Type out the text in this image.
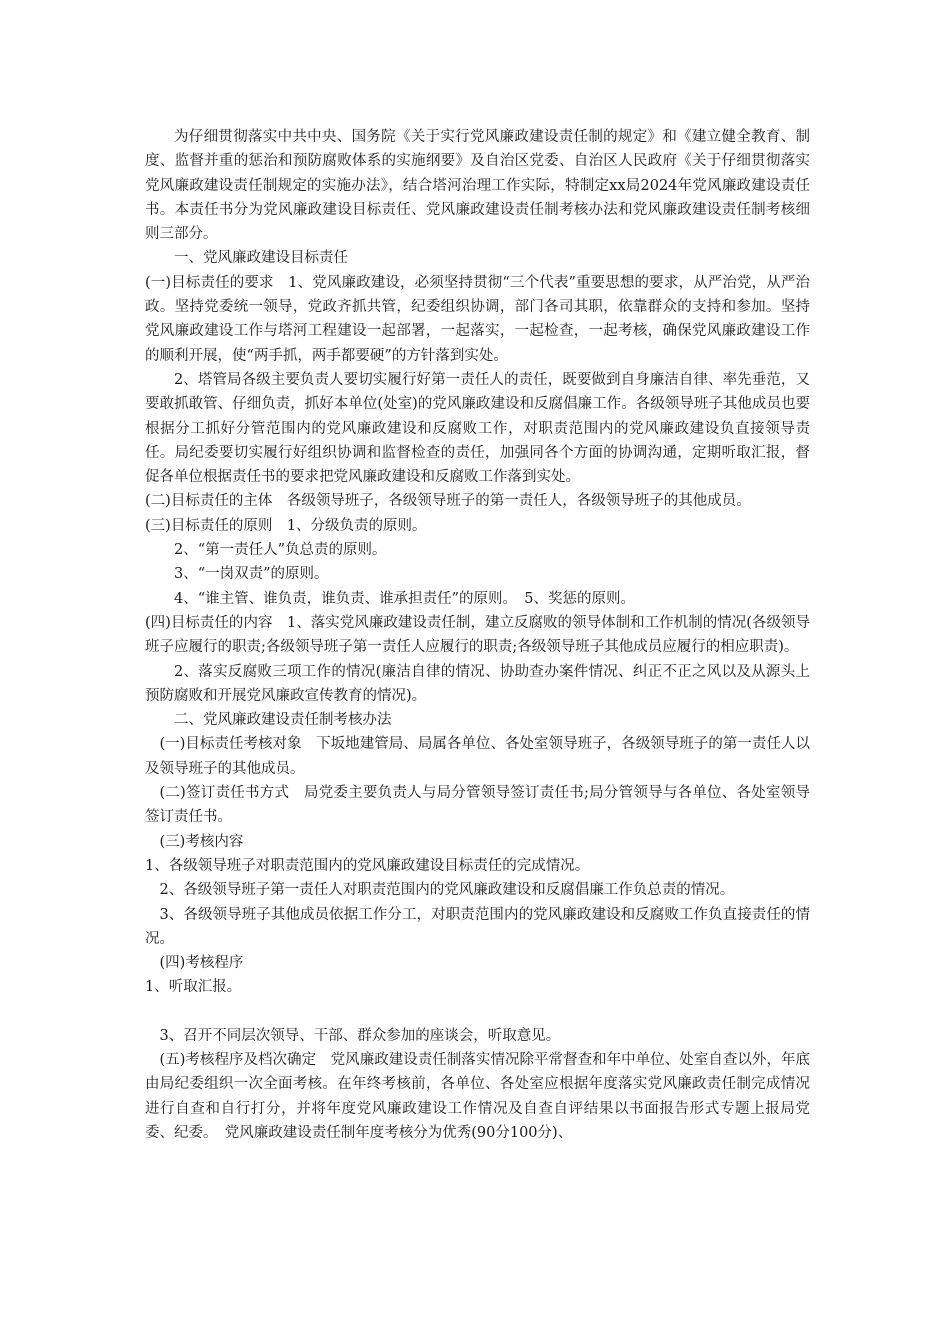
为仔细贯彻落实中共中央、国务院《关于实行党风廉政建设责任制的规定》和《建立健全教育、制度、监督并重的惩治和预防腐败体系的实施纲要》及自治区党委、自治区人民政府《关于仔细贯彻落实党风廉政建设责任制规定的实施办法》，结合塔河治理工作实际，特制定xx局2024年党风廉政建设责任书。本责任书分为党风廉政建设目标责任、党风廉政建设责任制考核办法和党风廉政建设责任制考核细则三部分。

一、党风廉政建设目标责任

(一)目标责任的要求　1、党风廉政建设，必须坚持贯彻“三个代表”重要思想的要求，从严治党，从严治政。坚持党委统一领导，党政齐抓共管，纪委组织协调，部门各司其职，依靠群众的支持和参加。坚持党风廉政建设工作与塔河工程建设一起部署，一起落实，一起检查，一起考核，确保党风廉政建设工作的顺利开展，使“两手抓，两手都要硬”的方针落到实处。

2、塔管局各级主要负责人要切实履行好第一责任人的责任，既要做到自身廉洁自律、率先垂范，又要敢抓敢管、仔细负责，抓好本单位(处室)的党风廉政建设和反腐倡廉工作。各级领导班子其他成员也要根据分工抓好分管范围内的党风廉政建设和反腐败工作，对职责范围内的党风廉政建设负直接领导责任。局纪委要切实履行好组织协调和监督检查的责任，加强同各个方面的协调沟通，定期听取汇报，督促各单位根据责任书的要求把党风廉政建设和反腐败工作落到实处。

(二)目标责任的主体　各级领导班子，各级领导班子的第一责任人，各级领导班子的其他成员。

(三)目标责任的原则　1、分级负责的原则。

2、“第一责任人”负总责的原则。

3、“一岗双责”的原则。

4、“谁主管、谁负责，谁负责、谁承担责任”的原则。　5、奖惩的原则。

(四)目标责任的内容　1、落实党风廉政建设责任制，建立反腐败的领导体制和工作机制的情况(各级领导班子应履行的职责;各级领导班子第一责任人应履行的职责;各级领导班子其他成员应履行的相应职责)。

2、落实反腐败三项工作的情况(廉洁自律的情况、协助查办案件情况、纠正不正之风以及从源头上预防腐败和开展党风廉政宣传教育的情况)。

二、党风廉政建设责任制考核办法

(一)目标责任考核对象　下坂地建管局、局属各单位、各处室领导班子，各级领导班子的第一责任人以及领导班子的其他成员。

(二)签订责任书方式　局党委主要负责人与局分管领导签订责任书;局分管领导与各单位、各处室领导签订责任书。

(三)考核内容

1、各级领导班子对职责范围内的党风廉政建设目标责任的完成情况。

2、各级领导班子第一责任人对职责范围内的党风廉政建设和反腐倡廉工作负总责的情况。

3、各级领导班子其他成员依据工作分工，对职责范围内的党风廉政建设和反腐败工作负直接责任的情况。

(四)考核程序

1、听取汇报。

3、召开不同层次领导、干部、群众参加的座谈会，听取意见。

(五)考核程序及档次确定　党风廉政建设责任制落实情况除平常督查和年中单位、处室自查以外，年底由局纪委组织一次全面考核。在年终考核前，各单位、各处室应根据年度落实党风廉政责任制完成情况进行自查和自行打分，并将年度党风廉政建设工作情况及自查自评结果以书面报告形式专题上报局党委、纪委。　党风廉政建设责任制年度考核分为优秀(90分100分)、
